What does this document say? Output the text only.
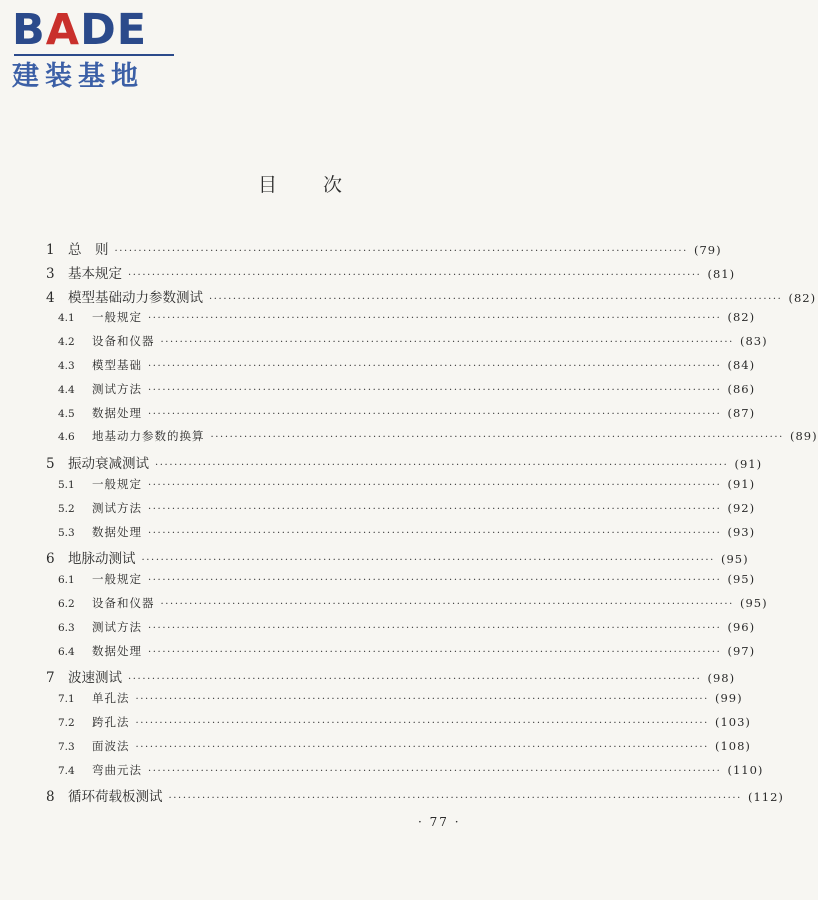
BADE
建装基地
目次
1 总　则 ························································································································ (79)
3 基本规定 ························································································································ (81)
4 模型基础动力参数测试 ························································································································ (82)
4.1	一般规定 ························································································································ (82)
4.2	设备和仪器 ························································································································ (83)
4.3	模型基础 ························································································································ (84)
4.4	测试方法 ························································································································ (86)
4.5	数据处理 ························································································································ (87)
4.6	地基动力参数的换算 ························································································································ (89)
5 振动衰减测试 ························································································································ (91)
5.1	一般规定 ························································································································ (91)
5.2	测试方法 ························································································································ (92)
5.3	数据处理 ························································································································ (93)
6 地脉动测试 ························································································································ (95)
6.1	一般规定 ························································································································ (95)
6.2	设备和仪器 ························································································································ (95)
6.3	测试方法 ························································································································ (96)
6.4	数据处理 ························································································································ (97)
7 波速测试 ························································································································ (98)
7.1	单孔法 ························································································································ (99)
7.2	跨孔法 ························································································································ (103)
7.3	面波法 ························································································································ (108)
7.4	弯曲元法 ························································································································ (110)
8 循环荷载板测试 ························································································································ (112)
· 77 ·
